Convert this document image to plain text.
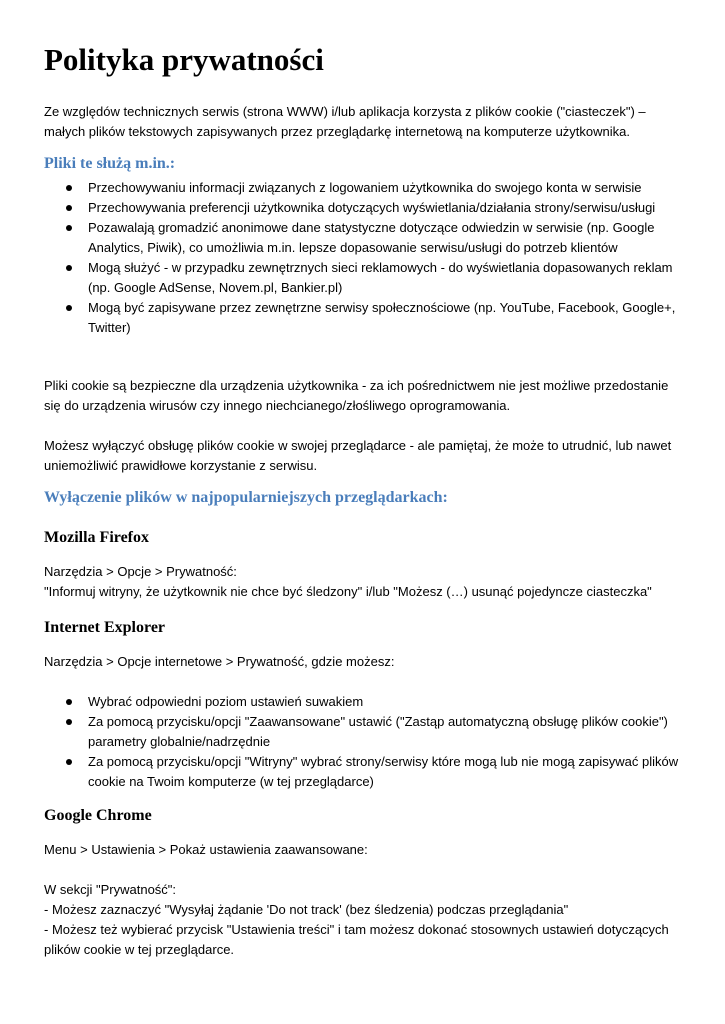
Polityka prywatności

Ze względów technicznych serwis (strona WWW) i/lub aplikacja korzysta z plików cookie ("ciasteczek") – małych plików tekstowych zapisywanych przez przeglądarkę internetową na komputerze użytkownika.

Pliki te służą m.in.:
Przechowywaniu informacji związanych z logowaniem użytkownika do swojego konta w serwisie
Przechowywania preferencji użytkownika dotyczących wyświetlania/działania strony/serwisu/usługi
Pozawalają gromadzić anonimowe dane statystyczne dotyczące odwiedzin w serwisie (np. Google Analytics, Piwik), co umożliwia m.in. lepsze dopasowanie serwisu/usługi do potrzeb klientów
Mogą służyć - w przypadku zewnętrznych sieci reklamowych - do wyświetlania dopasowanych reklam (np. Google AdSense, Novem.pl, Bankier.pl)
Mogą być zapisywane przez zewnętrzne serwisy społecznościowe (np. YouTube, Facebook, Google+, Twitter)

Pliki cookie są bezpieczne dla urządzenia użytkownika - za ich pośrednictwem nie jest możliwe przedostanie się do urządzenia wirusów czy innego niechcianego/złośliwego oprogramowania.

Możesz wyłączyć obsługę plików cookie w swojej przeglądarce - ale pamiętaj, że może to utrudnić, lub nawet uniemożliwić prawidłowe korzystanie z serwisu.

Wyłączenie plików w najpopularniejszych przeglądarkach:
Mozilla Firefox

Narzędzia > Opcje > Prywatność:

"Informuj witryny, że użytkownik nie chce być śledzony" i/lub "Możesz (…) usunąć pojedyncze ciasteczka"

Internet Explorer

Narzędzia > Opcje internetowe > Prywatność, gdzie możesz:

Wybrać odpowiedni poziom ustawień suwakiem
Za pomocą przycisku/opcji "Zaawansowane" ustawić ("Zastąp automatyczną obsługę plików cookie") parametry globalnie/nadrzędnie
Za pomocą przycisku/opcji "Witryny" wybrać strony/serwisy które mogą lub nie mogą zapisywać plików cookie na Twoim komputerze (w tej przeglądarce)
Google Chrome

Menu > Ustawienia > Pokaż ustawienia zaawansowane:

W sekcji "Prywatność":

- Możesz zaznaczyć "Wysyłaj żądanie 'Do not track' (bez śledzenia) podczas przeglądania"

- Możesz też wybierać przycisk "Ustawienia treści" i tam możesz dokonać stosownych ustawień dotyczących plików cookie w tej przeglądarce.
